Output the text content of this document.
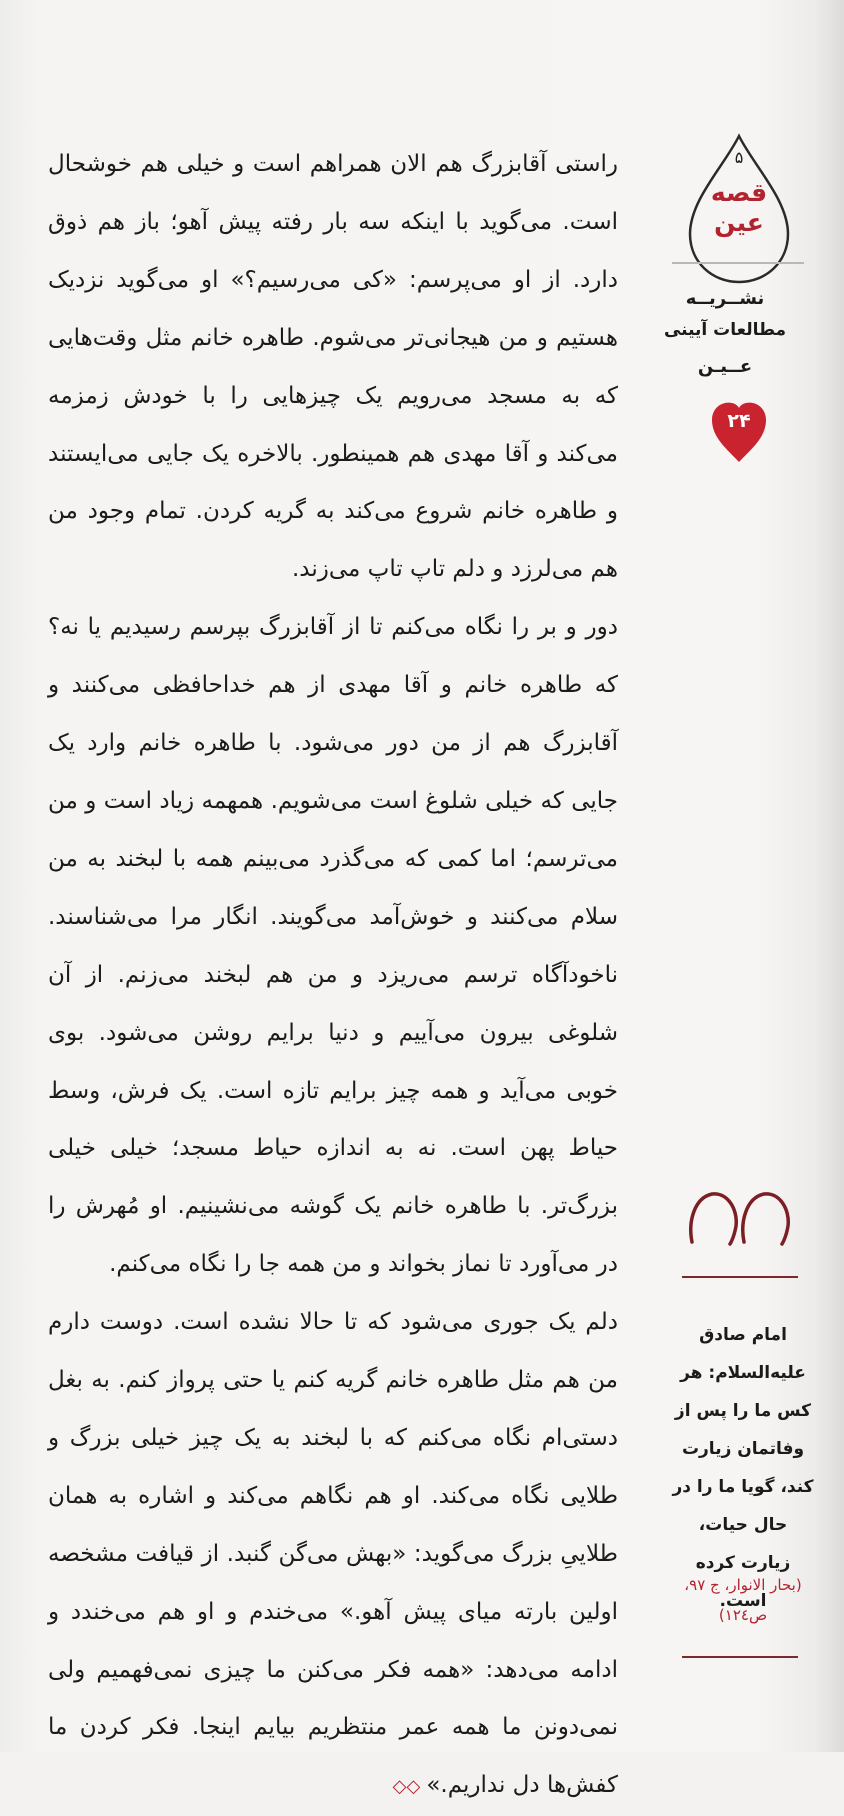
راستی آقابزرگ هم الان همراهم است و خیلی هم خوشحال است. می‌گوید با اینکه سه بار رفته پیش آهو؛ باز هم ذوق دارد. از او می‌پرسم: «کی می‌رسیم؟» او می‌گوید نزدیک هستیم و من هیجانی‌تر می‌شوم. طاهره خانم مثل وقت‌هایی که به مسجد می‌رویم یک چیزهایی را با خودش زمزمه می‌کند و آقا مهدی هم همینطور. بالاخره یک جایی می‌ایستند و طاهره خانم شروع می‌کند به گریه کردن. تمام وجود من هم می‌لرزد و دلم تاپ تاپ می‌زند.

دور و بر را نگاه می‌کنم تا از آقابزرگ بپرسم رسیدیم یا نه؟ که طاهره خانم و آقا مهدی از هم خداحافظی می‌کنند و آقابزرگ هم از من دور می‌شود. با طاهره خانم وارد یک جایی که خیلی شلوغ است می‌شویم. همهمه زیاد است و من می‌ترسم؛ اما کمی که می‌گذرد می‌بینم همه با لبخند به من سلام می‌کنند و خوش‌آمد می‌گویند. انگار مرا می‌شناسند. ناخودآگاه ترسم می‌ریزد و من هم لبخند می‌زنم. از آن شلوغی بیرون می‌آییم و دنیا برایم روشن می‌شود. بوی خوبی می‌آید و همه چیز برایم تازه است. یک فرش، وسط حیاط پهن است. نه به اندازه حیاط مسجد؛ خیلی خیلی بزرگ‌تر. با طاهره خانم یک گوشه می‌نشینیم. او مُهرش را در می‌آورد تا نماز بخواند و من همه جا را نگاه می‌کنم.

دلم یک جوری می‌شود که تا حالا نشده است. دوست دارم من هم مثل طاهره خانم گریه کنم یا حتی پرواز کنم. به بغل دستی‌ام نگاه می‌کنم که با لبخند به یک چیز خیلی بزرگ و طلایی نگاه می‌کند. او هم نگاهم می‌کند و اشاره به همان طلاییِ بزرگ می‌گوید: «بهش می‌گن گنبد. از قیافت مشخصه اولین بارته میای پیش آهو.» می‌خندم و او هم می‌خندد و ادامه می‌دهد: «همه فکر می‌کنن ما چیزی نمی‌فهمیم ولی نمی‌دونن ما همه عمر منتظریم بیایم اینجا. فکر کردن ما کفش‌ها دل نداریم.»◇◇

۵
قصه
عین
نشــریــه
مطالعات آیینی
عــیـن
۲۴
امام صادق علیه‌السلام: هر کس ما را پس از وفاتمان زیارت کند، گویا ما را در حال حیات، زیارت کرده است.
(بحار الانوار، ج ۹۷، ص۱۲٤)
